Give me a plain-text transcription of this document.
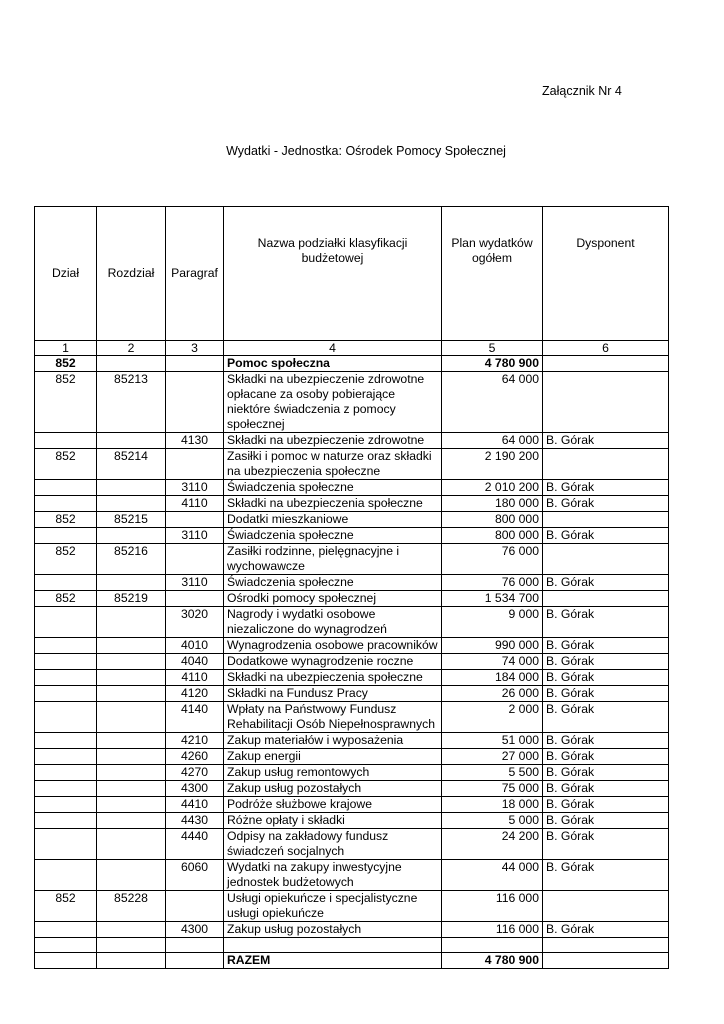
Załącznik Nr 4
Wydatki - Jednostka: Ośrodek Pomocy Społecznej
Dział	Rozdział	Paragraf	Nazwa podziałki klasyfikacji budżetowej	Plan wydatków ogółem	Dysponent
1	2	3	4	5	6
852			Pomoc społeczna	4 780 900	
852	85213		Składki na ubezpieczenie zdrowotne opłacane za osoby pobierające niektóre świadczenia z pomocy społecznej	64 000	
		4130	Składki na ubezpieczenie zdrowotne	64 000	B. Górak
852	85214		Zasiłki i pomoc w naturze oraz składki na ubezpieczenia społeczne	2 190 200	
		3110	Świadczenia społeczne	2 010 200	B. Górak
		4110	Składki na ubezpieczenia społeczne	180 000	B. Górak
852	85215		Dodatki mieszkaniowe	800 000	
		3110	Świadczenia społeczne	800 000	B. Górak
852	85216		Zasiłki rodzinne, pielęgnacyjne i wychowawcze	76 000	
		3110	Świadczenia społeczne	76 000	B. Górak
852	85219		Ośrodki pomocy społecznej	1 534 700	
		3020	Nagrody i wydatki osobowe niezaliczone do wynagrodzeń	9 000	B. Górak
		4010	Wynagrodzenia osobowe pracowników	990 000	B. Górak
		4040	Dodatkowe wynagrodzenie roczne	74 000	B. Górak
		4110	Składki na ubezpieczenia społeczne	184 000	B. Górak
		4120	Składki na Fundusz Pracy	26 000	B. Górak
		4140	Wpłaty na Państwowy Fundusz Rehabilitacji Osób Niepełnosprawnych	2 000	B. Górak
		4210	Zakup materiałów i wyposażenia	51 000	B. Górak
		4260	Zakup energii	27 000	B. Górak
		4270	Zakup usług remontowych	5 500	B. Górak
		4300	Zakup usług pozostałych	75 000	B. Górak
		4410	Podróże służbowe krajowe	18 000	B. Górak
		4430	Różne opłaty i składki	5 000	B. Górak
		4440	Odpisy na zakładowy fundusz świadczeń socjalnych	24 200	B. Górak
		6060	Wydatki na zakupy inwestycyjne jednostek budżetowych	44 000	B. Górak
852	85228		Usługi opiekuńcze i specjalistyczne usługi opiekuńcze	116 000	
		4300	Zakup usług pozostałych	116 000	B. Górak

			RAZEM	4 780 900	
